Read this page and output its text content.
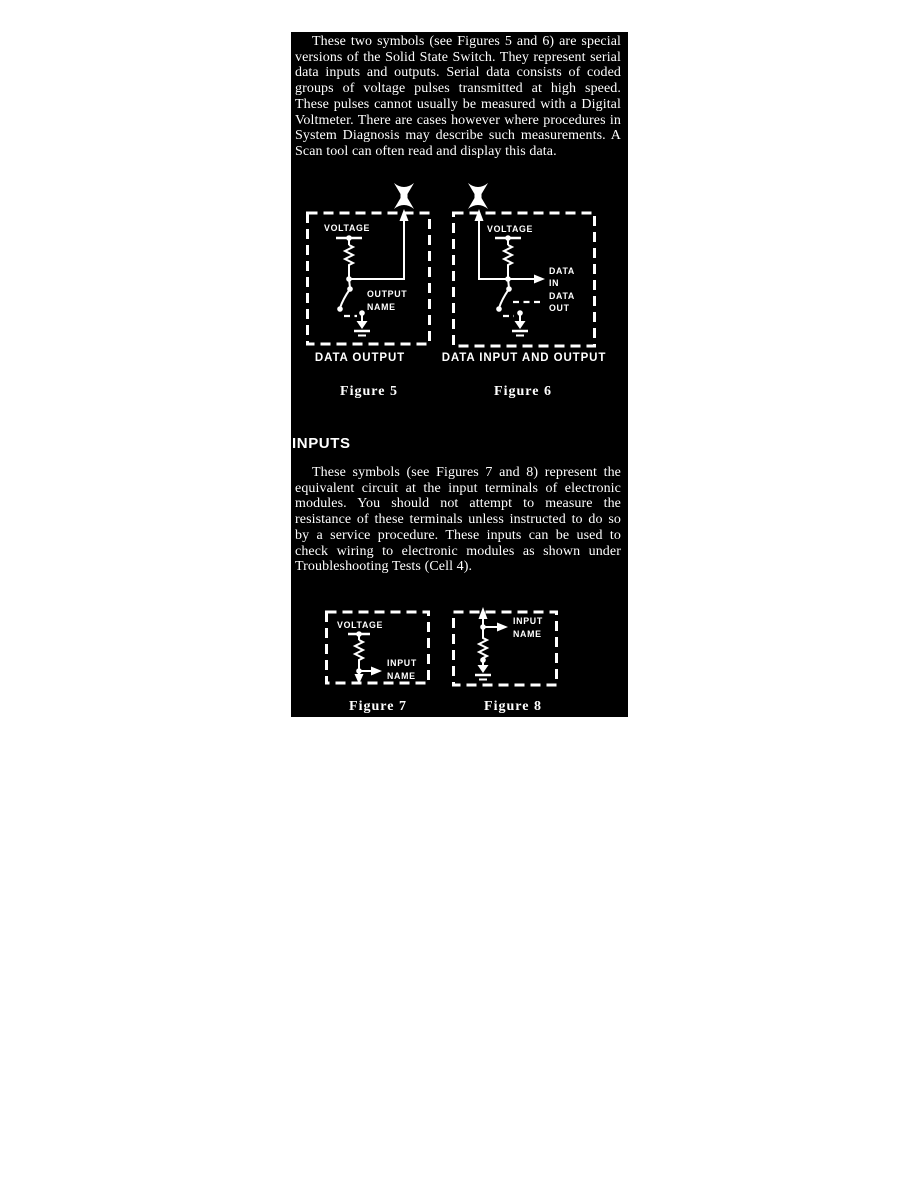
These two symbols (see Figures 5 and 6) are special versions of the Solid State Switch. They represent serial data inputs and outputs. Serial data consists of coded groups of voltage pulses transmitted at high speed. These pulses cannot usually be measured with a Digital Voltmeter. There are cases however where procedures in System Diagnosis may describe such measurements. A Scan tool can often read and display this data.

VOLTAGE
OUTPUT
NAME
VOLTAGE
DATA
IN
DATA
OUT
DATA OUTPUT	DATA INPUT AND OUTPUT
Figure 5	Figure 6
INPUTS

These symbols (see Figures 7 and 8) represent the equivalent circuit at the input terminals of electronic modules. You should not attempt to measure the resistance of these terminals unless instructed to do so by a service procedure. These inputs can be used to check wiring to electronic modules as shown under Troubleshooting Tests (Cell 4).

VOLTAGE
INPUT
NAME
INPUT
NAME
Figure 7	Figure 8
